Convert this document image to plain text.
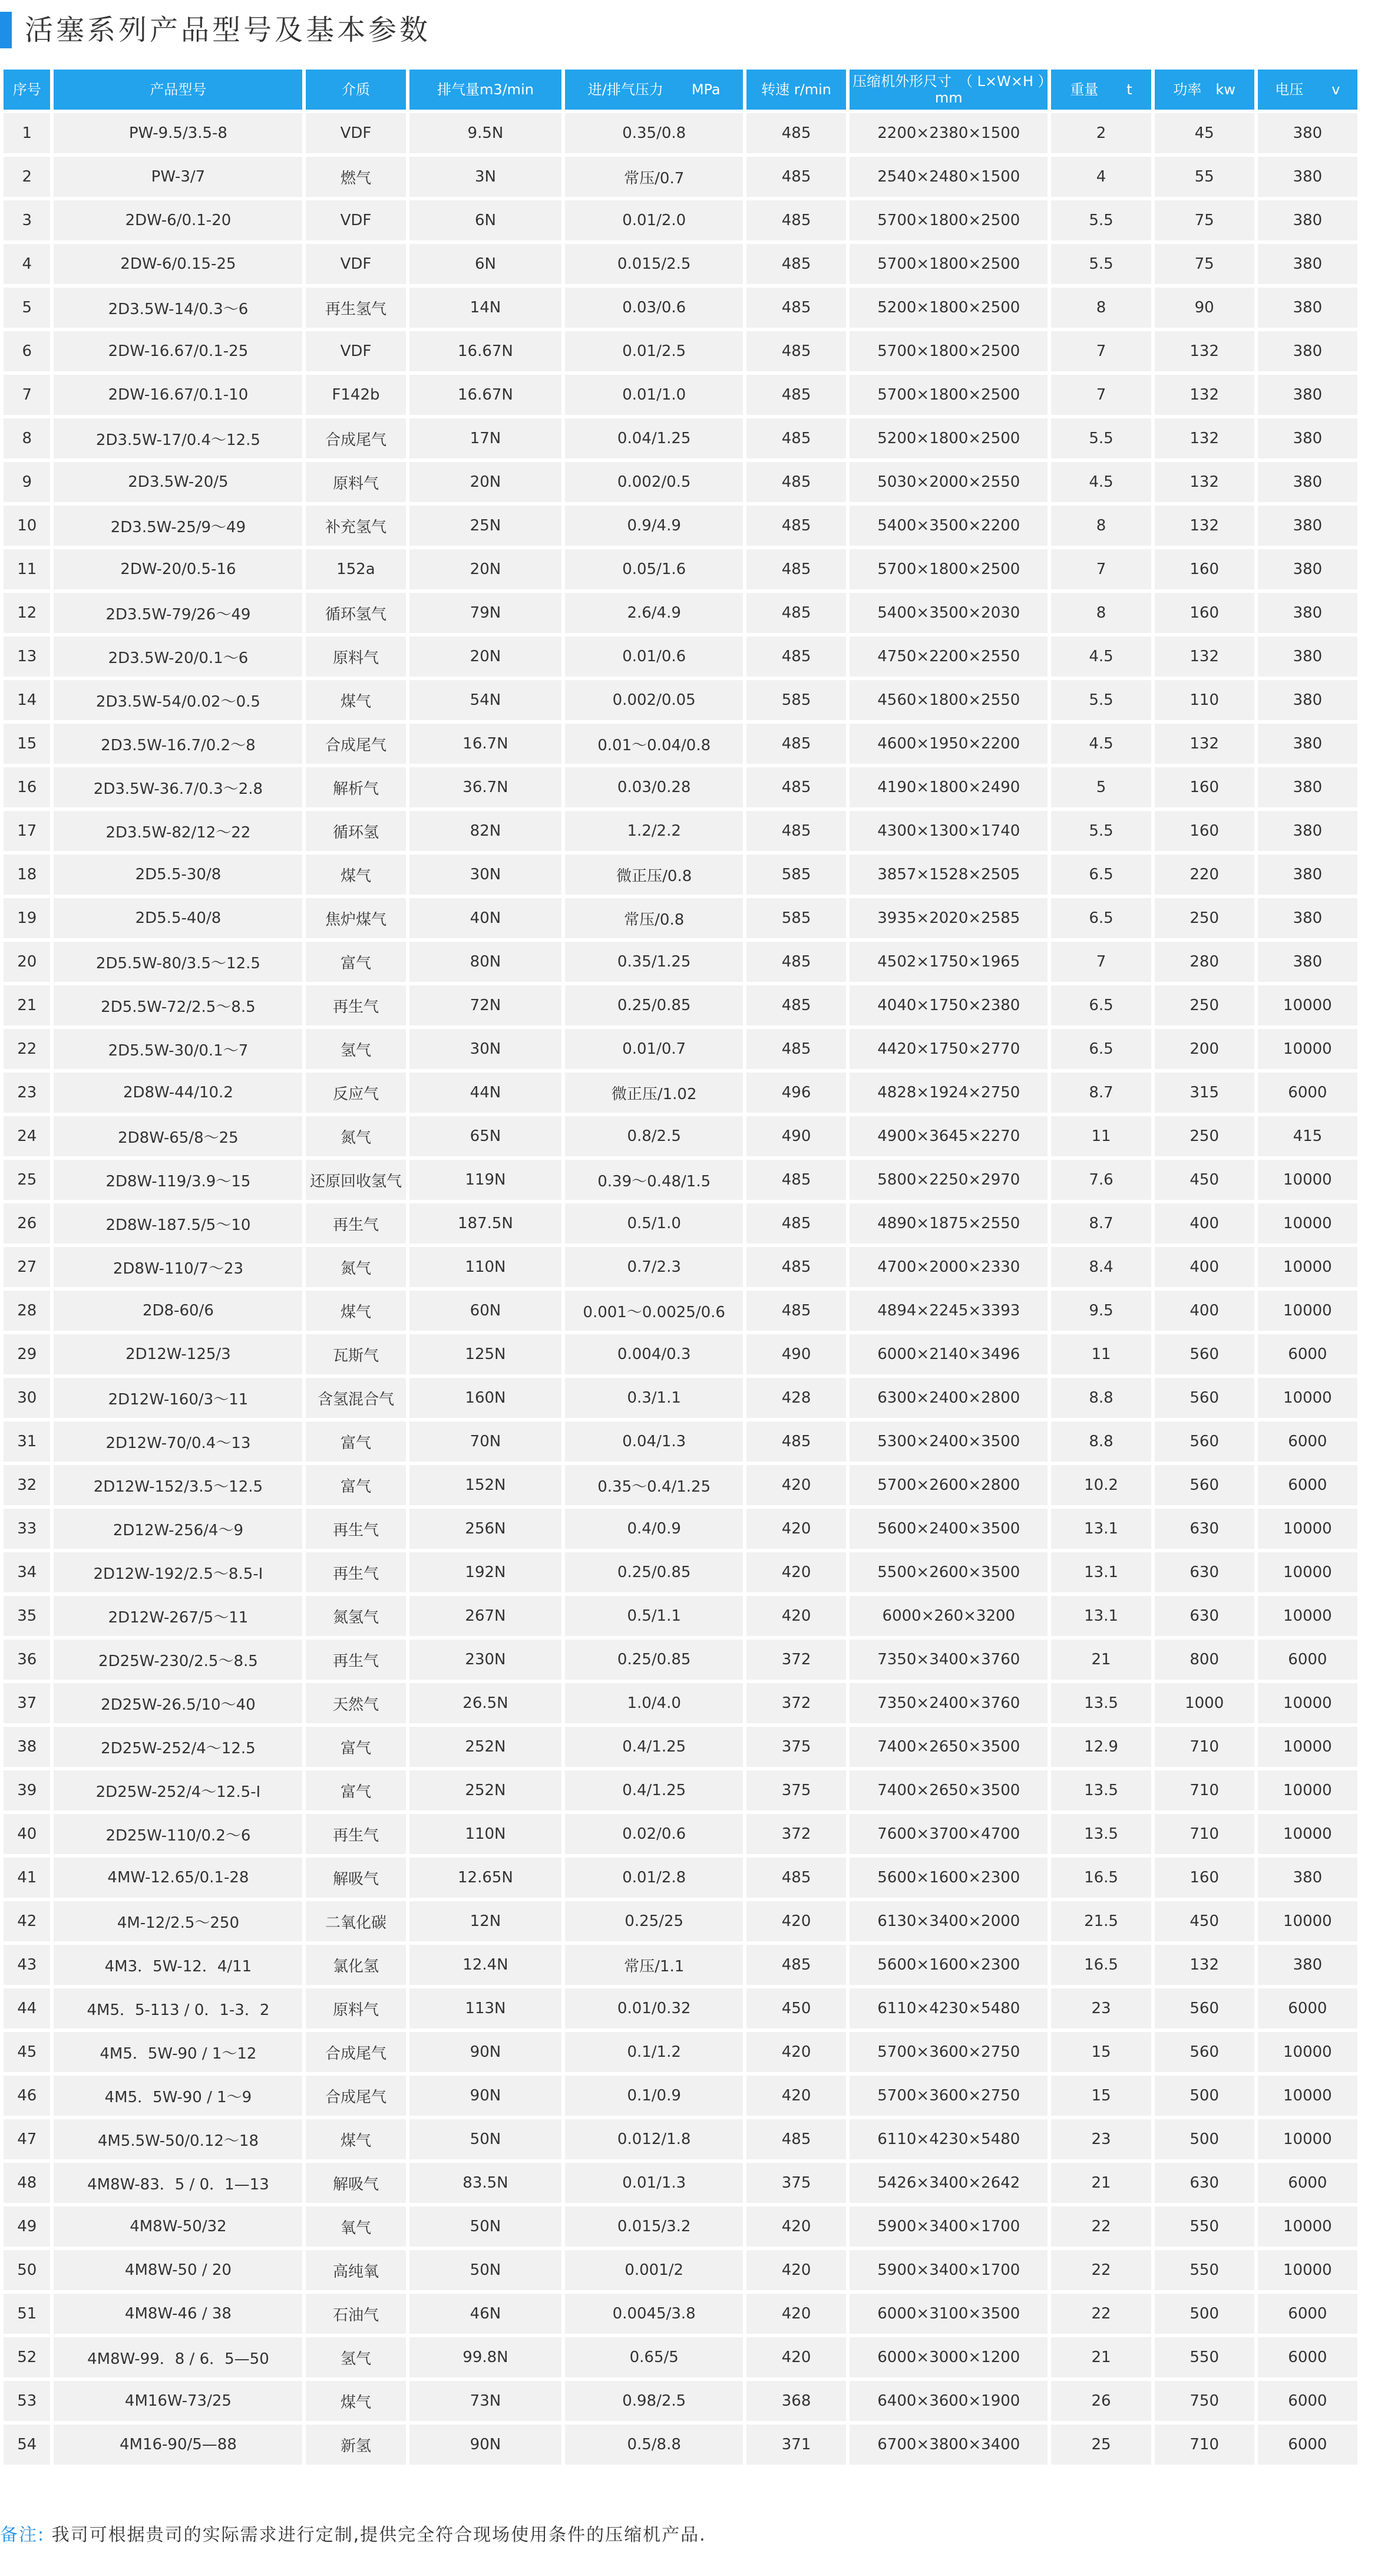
活塞系列产品型号及基本参数
序号	产品型号	介质	排气量m3/min	进/排气压力　　MPa	转速 r/min	压缩机外形尺寸　（ L×W×H ）mm	重量　　t	功率　kw	电压　　v
1	PW-9.5/3.5-8	VDF	9.5N	0.35/0.8	485	2200×2380×1500	2	45	380
2	PW-3/7	燃气	3N	常压/0.7	485	2540×2480×1500	4	55	380
3	2DW-6/0.1-20	VDF	6N	0.01/2.0	485	5700×1800×2500	5.5	75	380
4	2DW-6/0.15-25	VDF	6N	0.015/2.5	485	5700×1800×2500	5.5	75	380
5	2D3.5W-14/0.3～6	再生氢气	14N	0.03/0.6	485	5200×1800×2500	8	90	380
6	2DW-16.67/0.1-25	VDF	16.67N	0.01/2.5	485	5700×1800×2500	7	132	380
7	2DW-16.67/0.1-10	F142b	16.67N	0.01/1.0	485	5700×1800×2500	7	132	380
8	2D3.5W-17/0.4～12.5	合成尾气	17N	0.04/1.25	485	5200×1800×2500	5.5	132	380
9	2D3.5W-20/5	原料气	20N	0.002/0.5	485	5030×2000×2550	4.5	132	380
10	2D3.5W-25/9～49	补充氢气	25N	0.9/4.9	485	5400×3500×2200	8	132	380
11	2DW-20/0.5-16	152a	20N	0.05/1.6	485	5700×1800×2500	7	160	380
12	2D3.5W-79/26～49	循环氢气	79N	2.6/4.9	485	5400×3500×2030	8	160	380
13	2D3.5W-20/0.1～6	原料气	20N	0.01/0.6	485	4750×2200×2550	4.5	132	380
14	2D3.5W-54/0.02～0.5	煤气	54N	0.002/0.05	585	4560×1800×2550	5.5	110	380
15	2D3.5W-16.7/0.2～8	合成尾气	16.7N	0.01～0.04/0.8	485	4600×1950×2200	4.5	132	380
16	2D3.5W-36.7/0.3～2.8	解析气	36.7N	0.03/0.28	485	4190×1800×2490	5	160	380
17	2D3.5W-82/12～22	循环氢	82N	1.2/2.2	485	4300×1300×1740	5.5	160	380
18	2D5.5-30/8	煤气	30N	微正压/0.8	585	3857×1528×2505	6.5	220	380
19	2D5.5-40/8	焦炉煤气	40N	常压/0.8	585	3935×2020×2585	6.5	250	380
20	2D5.5W-80/3.5～12.5	富气	80N	0.35/1.25	485	4502×1750×1965	7	280	380
21	2D5.5W-72/2.5～8.5	再生气	72N	0.25/0.85	485	4040×1750×2380	6.5	250	10000
22	2D5.5W-30/0.1～7	氢气	30N	0.01/0.7	485	4420×1750×2770	6.5	200	10000
23	2D8W-44/10.2	反应气	44N	微正压/1.02	496	4828×1924×2750	8.7	315	6000
24	2D8W-65/8～25	氮气	65N	0.8/2.5	490	4900×3645×2270	11	250	415
25	2D8W-119/3.9～15	还原回收氢气	119N	0.39～0.48/1.5	485	5800×2250×2970	7.6	450	10000
26	2D8W-187.5/5～10	再生气	187.5N	0.5/1.0	485	4890×1875×2550	8.7	400	10000
27	2D8W-110/7～23	氮气	110N	0.7/2.3	485	4700×2000×2330	8.4	400	10000
28	2D8-60/6	煤气	60N	0.001～0.0025/0.6	485	4894×2245×3393	9.5	400	10000
29	2D12W-125/3	瓦斯气	125N	0.004/0.3	490	6000×2140×3496	11	560	6000
30	2D12W-160/3～11	含氢混合气	160N	0.3/1.1	428	6300×2400×2800	8.8	560	10000
31	2D12W-70/0.4～13	富气	70N	0.04/1.3	485	5300×2400×3500	8.8	560	6000
32	2D12W-152/3.5～12.5	富气	152N	0.35～0.4/1.25	420	5700×2600×2800	10.2	560	6000
33	2D12W-256/4～9	再生气	256N	0.4/0.9	420	5600×2400×3500	13.1	630	10000
34	2D12W-192/2.5～8.5-Ⅰ	再生气	192N	0.25/0.85	420	5500×2600×3500	13.1	630	10000
35	2D12W-267/5～11	氮氢气	267N	0.5/1.1	420	6000×260×3200	13.1	630	10000
36	2D25W-230/2.5～8.5	再生气	230N	0.25/0.85	372	7350×3400×3760	21	800	6000
37	2D25W-26.5/10～40	天然气	26.5N	1.0/4.0	372	7350×2400×3760	13.5	1000	10000
38	2D25W-252/4～12.5	富气	252N	0.4/1.25	375	7400×2650×3500	12.9	710	10000
39	2D25W-252/4～12.5-Ⅰ	富气	252N	0.4/1.25	375	7400×2650×3500	13.5	710	10000
40	2D25W-110/0.2～6	再生气	110N	0.02/0.6	372	7600×3700×4700	13.5	710	10000
41	4MW-12.65/0.1-28	解吸气	12.65N	0.01/2.8	485	5600×1600×2300	16.5	160	380
42	4M-12/2.5～250	二氧化碳	12N	0.25/25	420	6130×3400×2000	21.5	450	10000
43	4M3．5W-12．4/11	氯化氢	12.4N	常压/1.1	485	5600×1600×2300	16.5	132	380
44	4M5．5-113 / 0．1-3．2	原料气	113N	0.01/0.32	450	6110×4230×5480	23	560	6000
45	4M5．5W-90 / 1～12	合成尾气	90N	0.1/1.2	420	5700×3600×2750	15	560	10000
46	4M5．5W-90 / 1～9	合成尾气	90N	0.1/0.9	420	5700×3600×2750	15	500	10000
47	4M5.5W-50/0.12～18	煤气	50N	0.012/1.8	485	6110×4230×5480	23	500	10000
48	4M8W-83．5 / 0．1—13	解吸气	83.5N	0.01/1.3	375	5426×3400×2642	21	630	6000
49	4M8W-50/32	氧气	50N	0.015/3.2	420	5900×3400×1700	22	550	10000
50	4M8W-50 / 20	高纯氧	50N	0.001/2	420	5900×3400×1700	22	550	10000
51	4M8W-46 / 38	石油气	46N	0.0045/3.8	420	6000×3100×3500	22	500	6000
52	4M8W-99．8 / 6．5—50	氢气	99.8N	0.65/5	420	6000×3000×1200	21	550	6000
53	4M16W-73/25	煤气	73N	0.98/2.5	368	6400×3600×1900	26	750	6000
54	4M16-90/5—88	新氢	90N	0.5/8.8	371	6700×3800×3400	25	710	6000
备注: 我司可根据贵司的实际需求进行定制,提供完全符合现场使用条件的压缩机产品.
